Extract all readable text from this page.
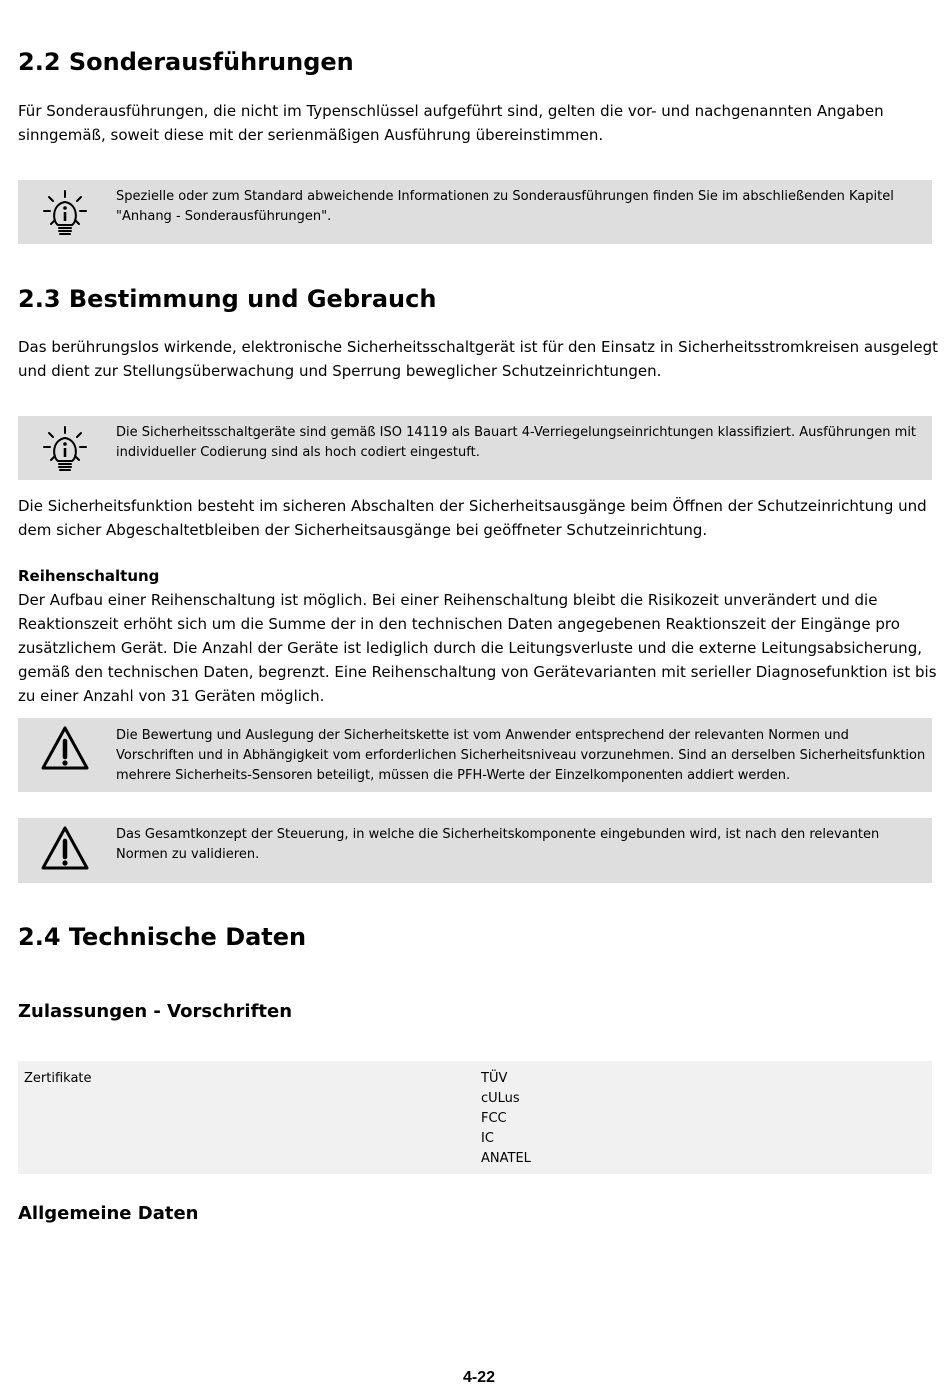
2.2 Sonderausführungen

Für Sonderausführungen, die nicht im Typenschlüssel aufgeführt sind, gelten die vor- und nachgenannten Angaben sinngemäß, soweit diese mit der serienmäßigen Ausführung übereinstimmen.

Spezielle oder zum Standard abweichende Informationen zu Sonderausführungen finden Sie im abschließenden Kapitel "Anhang - Sonderausführungen".
2.3 Bestimmung und Gebrauch

Das berührungslos wirkende, elektronische Sicherheitsschaltgerät ist für den Einsatz in Sicherheitsstromkreisen ausgelegt und dient zur Stellungsüberwachung und Sperrung beweglicher Schutzeinrichtungen.

Die Sicherheitsschaltgeräte sind gemäß ISO 14119 als Bauart 4-Verriegelungseinrichtungen klassifiziert. Ausführungen mit individueller Codierung sind als hoch codiert eingestuft.

Die Sicherheitsfunktion besteht im sicheren Abschalten der Sicherheitsausgänge beim Öffnen der Schutzeinrichtung und dem sicher Abgeschaltetbleiben der Sicherheitsausgänge bei geöffneter Schutzeinrichtung.

Reihenschaltung
Der Aufbau einer Reihenschaltung ist möglich. Bei einer Reihenschaltung bleibt die Risikozeit unverändert und die Reaktionszeit erhöht sich um die Summe der in den technischen Daten angegebenen Reaktionszeit der Eingänge pro zusätzlichem Gerät. Die Anzahl der Geräte ist lediglich durch die Leitungsverluste und die externe Leitungsabsicherung, gemäß den technischen Daten, begrenzt. Eine Reihenschaltung von Gerätevarianten mit serieller Diagnosefunktion ist bis zu einer Anzahl von 31 Geräten möglich.
Die Bewertung und Auslegung der Sicherheitskette ist vom Anwender entsprechend der relevanten Normen und Vorschriften und in Abhängigkeit vom erforderlichen Sicherheitsniveau vorzunehmen. Sind an derselben Sicherheitsfunktion mehrere Sicherheits-Sensoren beteiligt, müssen die PFH-Werte der Einzelkomponenten addiert werden.
Das Gesamtkonzept der Steuerung, in welche die Sicherheitskomponente eingebunden wird, ist nach den relevanten Normen zu validieren.
2.4 Technische Daten
Zulassungen - Vorschriften
Zertifikate	TÜV
cULus
FCC
IC
ANATEL
Allgemeine Daten
4-22
